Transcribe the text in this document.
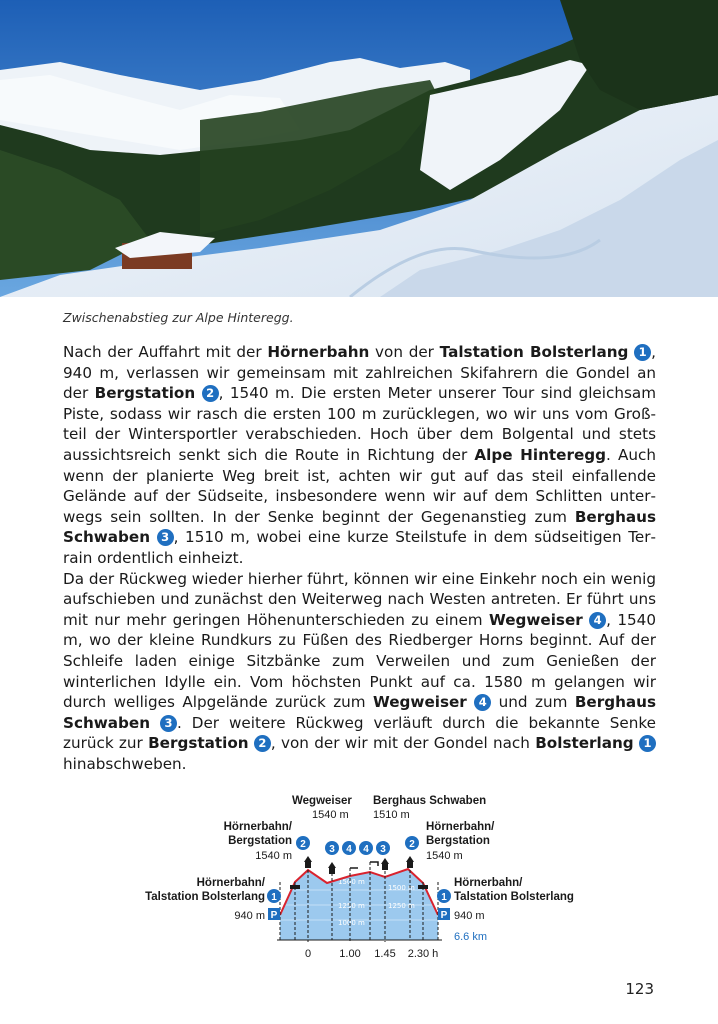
Zwischenabstieg zur Alpe Hinteregg.

Nach der Auffahrt mit der Hörnerbahn von der Talstation Bolsterlang 1 , 940 m, verlassen wir gemeinsam mit zahlreichen Skifahrern die Gondel an der Bergstation 2 , 1540 m. Die ersten Meter unserer Tour sind gleichsam Piste, sodass wir rasch die ersten 100 m zurücklegen, wo wir uns vom Großteil der Wintersportler verabschieden. Hoch über dem Bolgental und stets aussichtsreich senkt sich die Route in Richtung der Alpe Hinteregg. Auch wenn der planierte Weg breit ist, achten wir gut auf das steil einfallende Gelände auf der Südseite, insbesondere wenn wir auf dem Schlitten unterwegs sein sollten. In der Senke beginnt der Gegenanstieg zum Berghaus Schwaben 3 , 1510 m, wobei eine kurze Steilstufe in dem südseitigen Terrain ordentlich einheizt.

Da der Rückweg wieder hierher führt, können wir eine Einkehr noch ein wenig aufschieben und zunächst den Weiterweg nach Westen antreten. Er führt uns mit nur mehr geringen Höhenunterschieden zu einem Wegweiser 4 , 1540 m, wo der kleine Rundkurs zu Füßen des Riedberger Horns beginnt. Auf der Schleife laden einige Sitzbänke zum Verweilen und zum Genießen der winterlichen Idylle ein. Vom höchsten Punkt auf ca. 1580 m gelangen wir durch welliges Alpgelände zurück zum Wegweiser 4 und zum Berghaus Schwaben 3 . Der weitere Rückweg verläuft durch die bekannte Senke zurück zur Bergstation 2 , von der wir mit der Gondel nach Bolsterlang 1 hinabschweben.

1500 m
1250 m
1000 m
1500 m
1250 m
Wegweiser
1540 m
Berghaus Schwaben
1510 m
Hörnerbahn/
Bergstation
1540 m
Hörnerbahn/
Bergstation
1540 m
Hörnerbahn/
Talstation Bolsterlang
940 m
Hörnerbahn/
Talstation Bolsterlang
940 m
6.6 km
2	2
3 4 4 3
1	1
P	P
0	1.00 1.45 2.30 h
123
